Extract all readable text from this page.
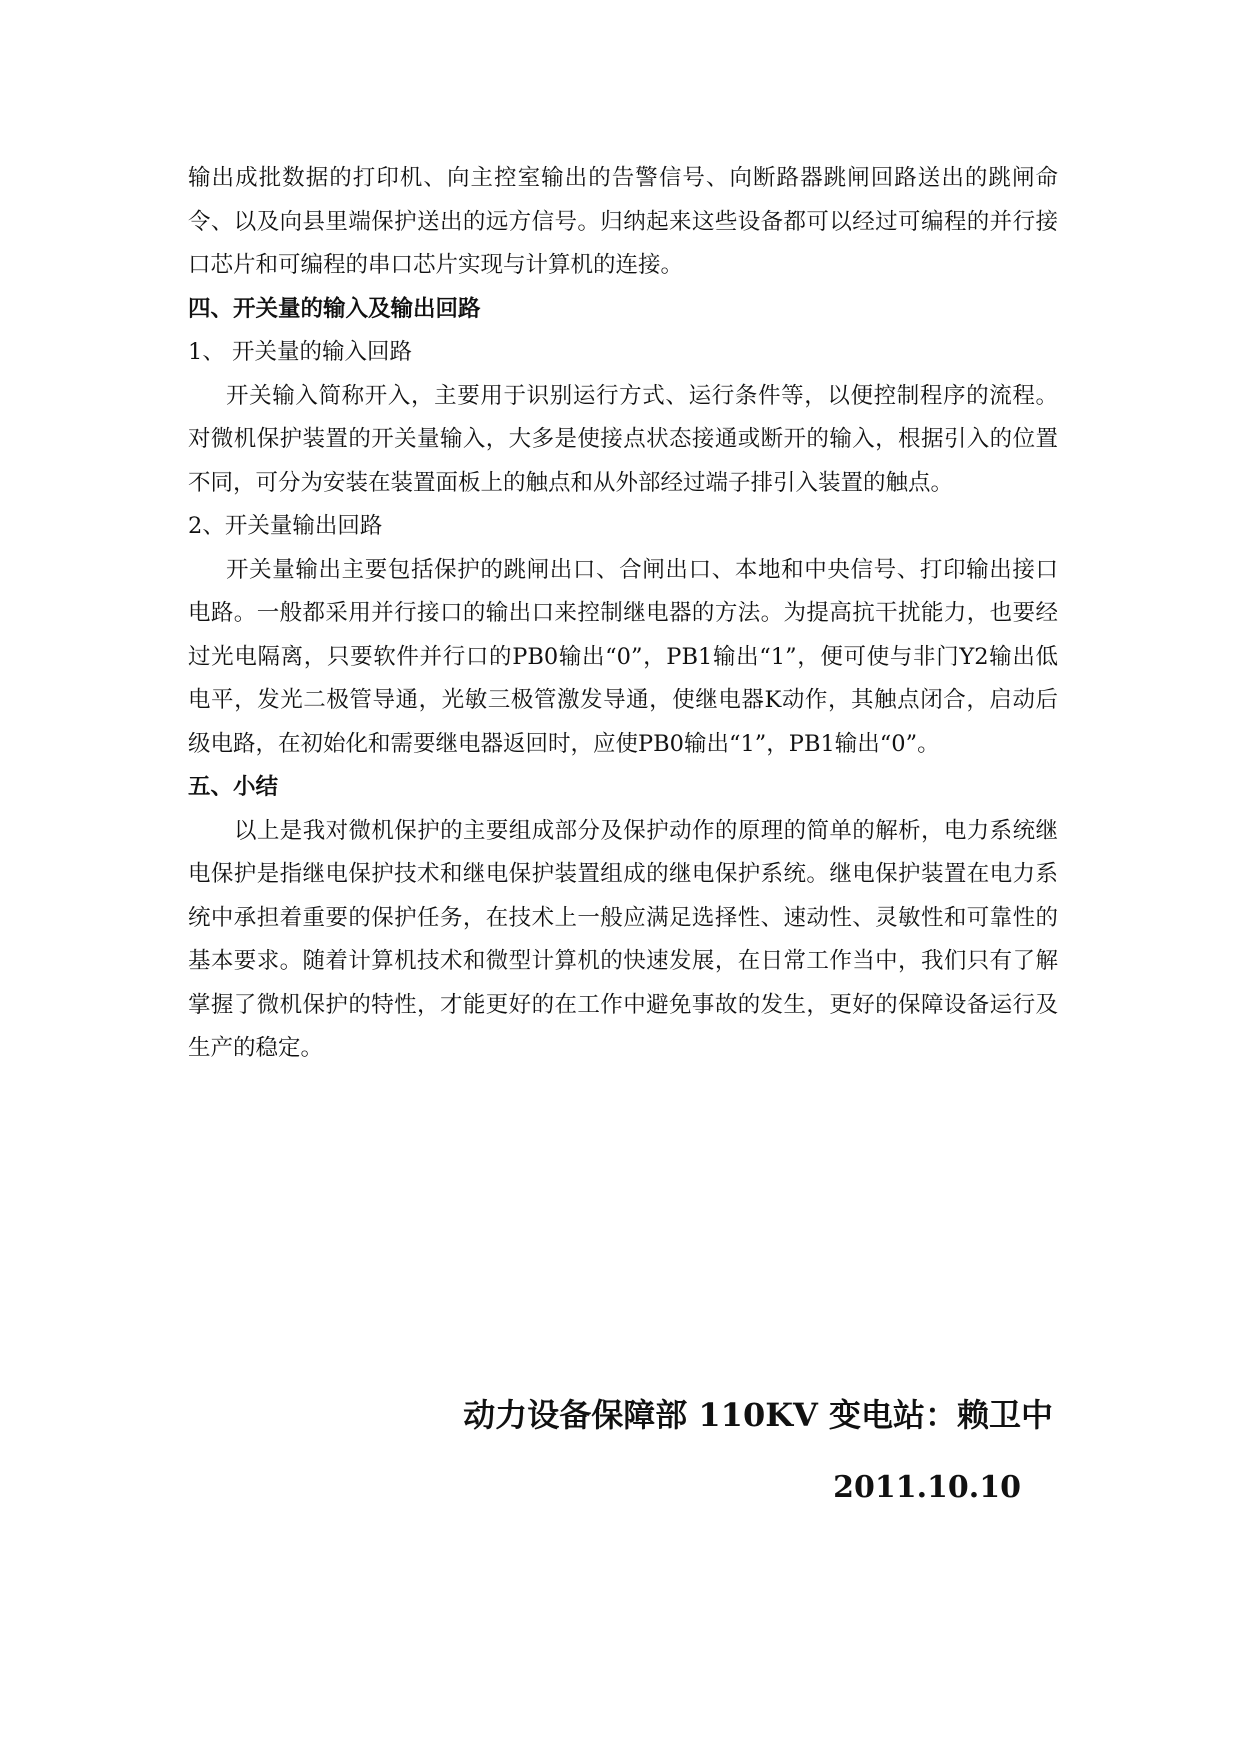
输出成批数据的打印机、向主控室输出的告警信号、向断路器跳闸回路送出的跳闸命令、以及向县里端保护送出的远方信号。归纳起来这些设备都可以经过可编程的并行接口芯片和可编程的串口芯片实现与计算机的连接。

四、开关量的输入及输出回路

1、 开关量的输入回路

开关输入简称开入，主要用于识别运行方式、运行条件等，以便控制程序的流程。对微机保护装置的开关量输入，大多是使接点状态接通或断开的输入，根据引入的位置不同，可分为安装在装置面板上的触点和从外部经过端子排引入装置的触点。

2、开关量输出回路

开关量输出主要包括保护的跳闸出口、合闸出口、本地和中央信号、打印输出接口电路。一般都采用并行接口的输出口来控制继电器的方法。为提高抗干扰能力，也要经过光电隔离，只要软件并行口的PB0输出“0”，PB1输出“1”，便可使与非门Y2输出低电平，发光二极管导通，光敏三极管激发导通，使继电器K动作，其触点闭合，启动后级电路，在初始化和需要继电器返回时，应使PB0输出“1”，PB1输出“0”。

五、小结

以上是我对微机保护的主要组成部分及保护动作的原理的简单的解析，电力系统继电保护是指继电保护技术和继电保护装置组成的继电保护系统。继电保护装置在电力系统中承担着重要的保护任务，在技术上一般应满足选择性、速动性、灵敏性和可靠性的基本要求。随着计算机技术和微型计算机的快速发展，在日常工作当中，我们只有了解掌握了微机保护的特性，才能更好的在工作中避免事故的发生，更好的保障设备运行及生产的稳定。

动力设备保障部 110KV 变电站：赖卫中

2011.10.10
